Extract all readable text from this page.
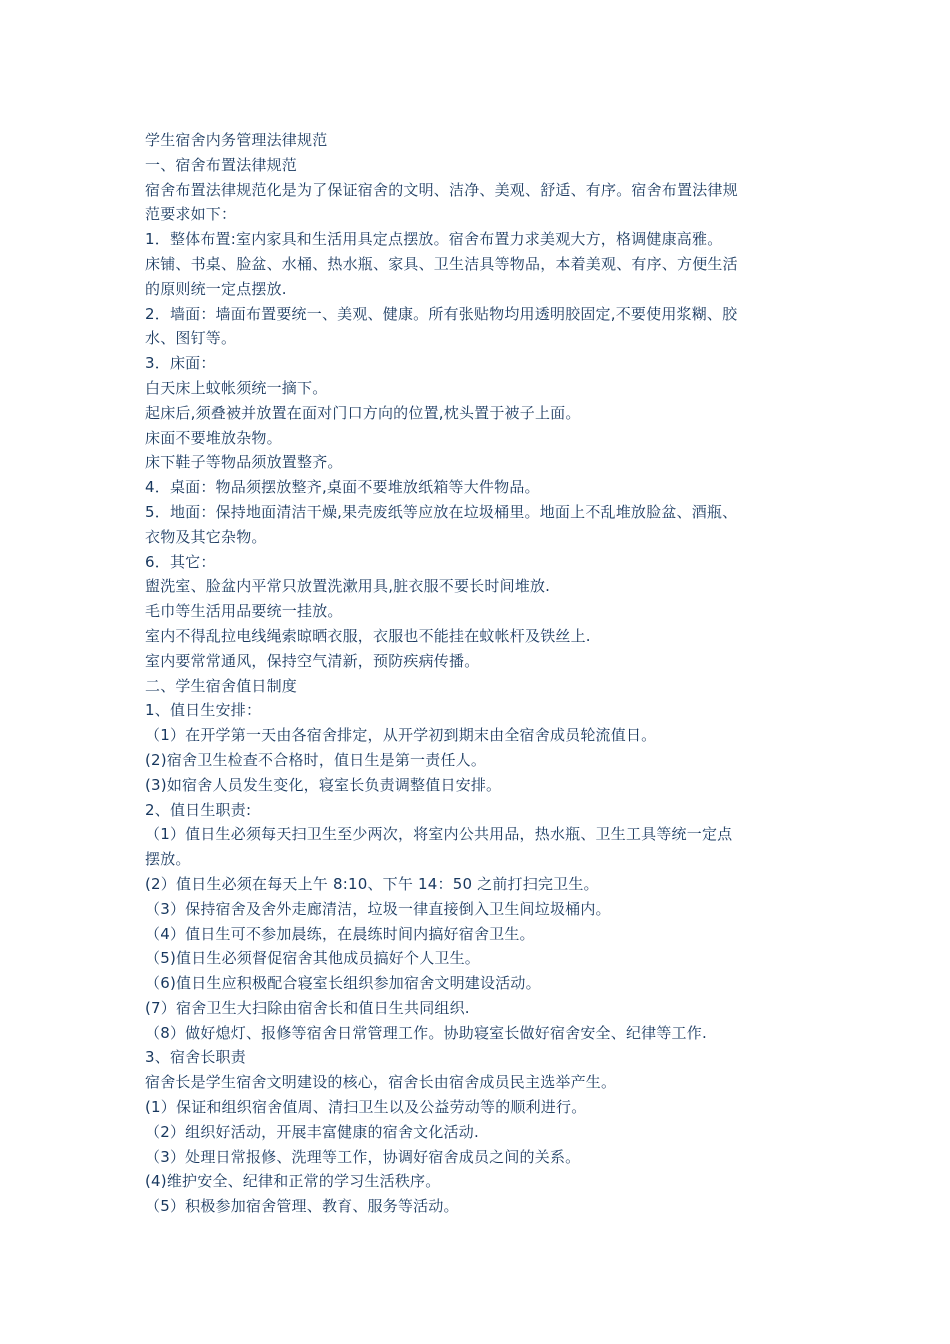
学生宿舍内务管理法律规范
一、宿舍布置法律规范
宿舍布置法律规范化是为了保证宿舍的文明、洁净、美观、舒适、有序。宿舍布置法律规
范要求如下：
1．整体布置:室内家具和生活用具定点摆放。宿舍布置力求美观大方，格调健康高雅。
床铺、书桌、脸盆、水桶、热水瓶、家具、卫生洁具等物品，本着美观、有序、方便生活
的原则统一定点摆放.
2．墙面：墙面布置要统一、美观、健康。所有张贴物均用透明胶固定,不要使用浆糊、胶
水、图钉等。
3．床面：
白天床上蚊帐须统一摘下。
起床后,须叠被并放置在面对门口方向的位置,枕头置于被子上面。
床面不要堆放杂物。
床下鞋子等物品须放置整齐。
4．桌面：物品须摆放整齐,桌面不要堆放纸箱等大件物品。
5．地面：保持地面清洁干燥,果壳废纸等应放在垃圾桶里。地面上不乱堆放脸盆、酒瓶、
衣物及其它杂物。
6．其它：
盥洗室、脸盆内平常只放置洗漱用具,脏衣服不要长时间堆放.
毛巾等生活用品要统一挂放。
室内不得乱拉电线绳索晾晒衣服，衣服也不能挂在蚊帐杆及铁丝上.
室内要常常通风，保持空气清新，预防疾病传播。
二、学生宿舍值日制度
1、值日生安排：
（1）在开学第一天由各宿舍排定，从开学初到期末由全宿舍成员轮流值日。
(2)宿舍卫生检查不合格时，值日生是第一责任人。
(3)如宿舍人员发生变化，寝室长负责调整值日安排。
2、值日生职责:
（1）值日生必须每天扫卫生至少两次，将室内公共用品，热水瓶、卫生工具等统一定点
摆放。
(2）值日生必须在每天上午 8:10、下午 14：50 之前打扫完卫生。
（3）保持宿舍及舍外走廊清洁，垃圾一律直接倒入卫生间垃圾桶内。
（4）值日生可不参加晨练，在晨练时间内搞好宿舍卫生。
（5)值日生必须督促宿舍其他成员搞好个人卫生。
（6)值日生应积极配合寝室长组织参加宿舍文明建设活动。
(7）宿舍卫生大扫除由宿舍长和值日生共同组织.
（8）做好熄灯、报修等宿舍日常管理工作。协助寝室长做好宿舍安全、纪律等工作.
3、宿舍长职责
宿舍长是学生宿舍文明建设的核心，宿舍长由宿舍成员民主选举产生。
(1）保证和组织宿舍值周、清扫卫生以及公益劳动等的顺利进行。
（2）组织好活动，开展丰富健康的宿舍文化活动.
（3）处理日常报修、洗理等工作，协调好宿舍成员之间的关系。
(4)维护安全、纪律和正常的学习生活秩序。
（5）积极参加宿舍管理、教育、服务等活动。
